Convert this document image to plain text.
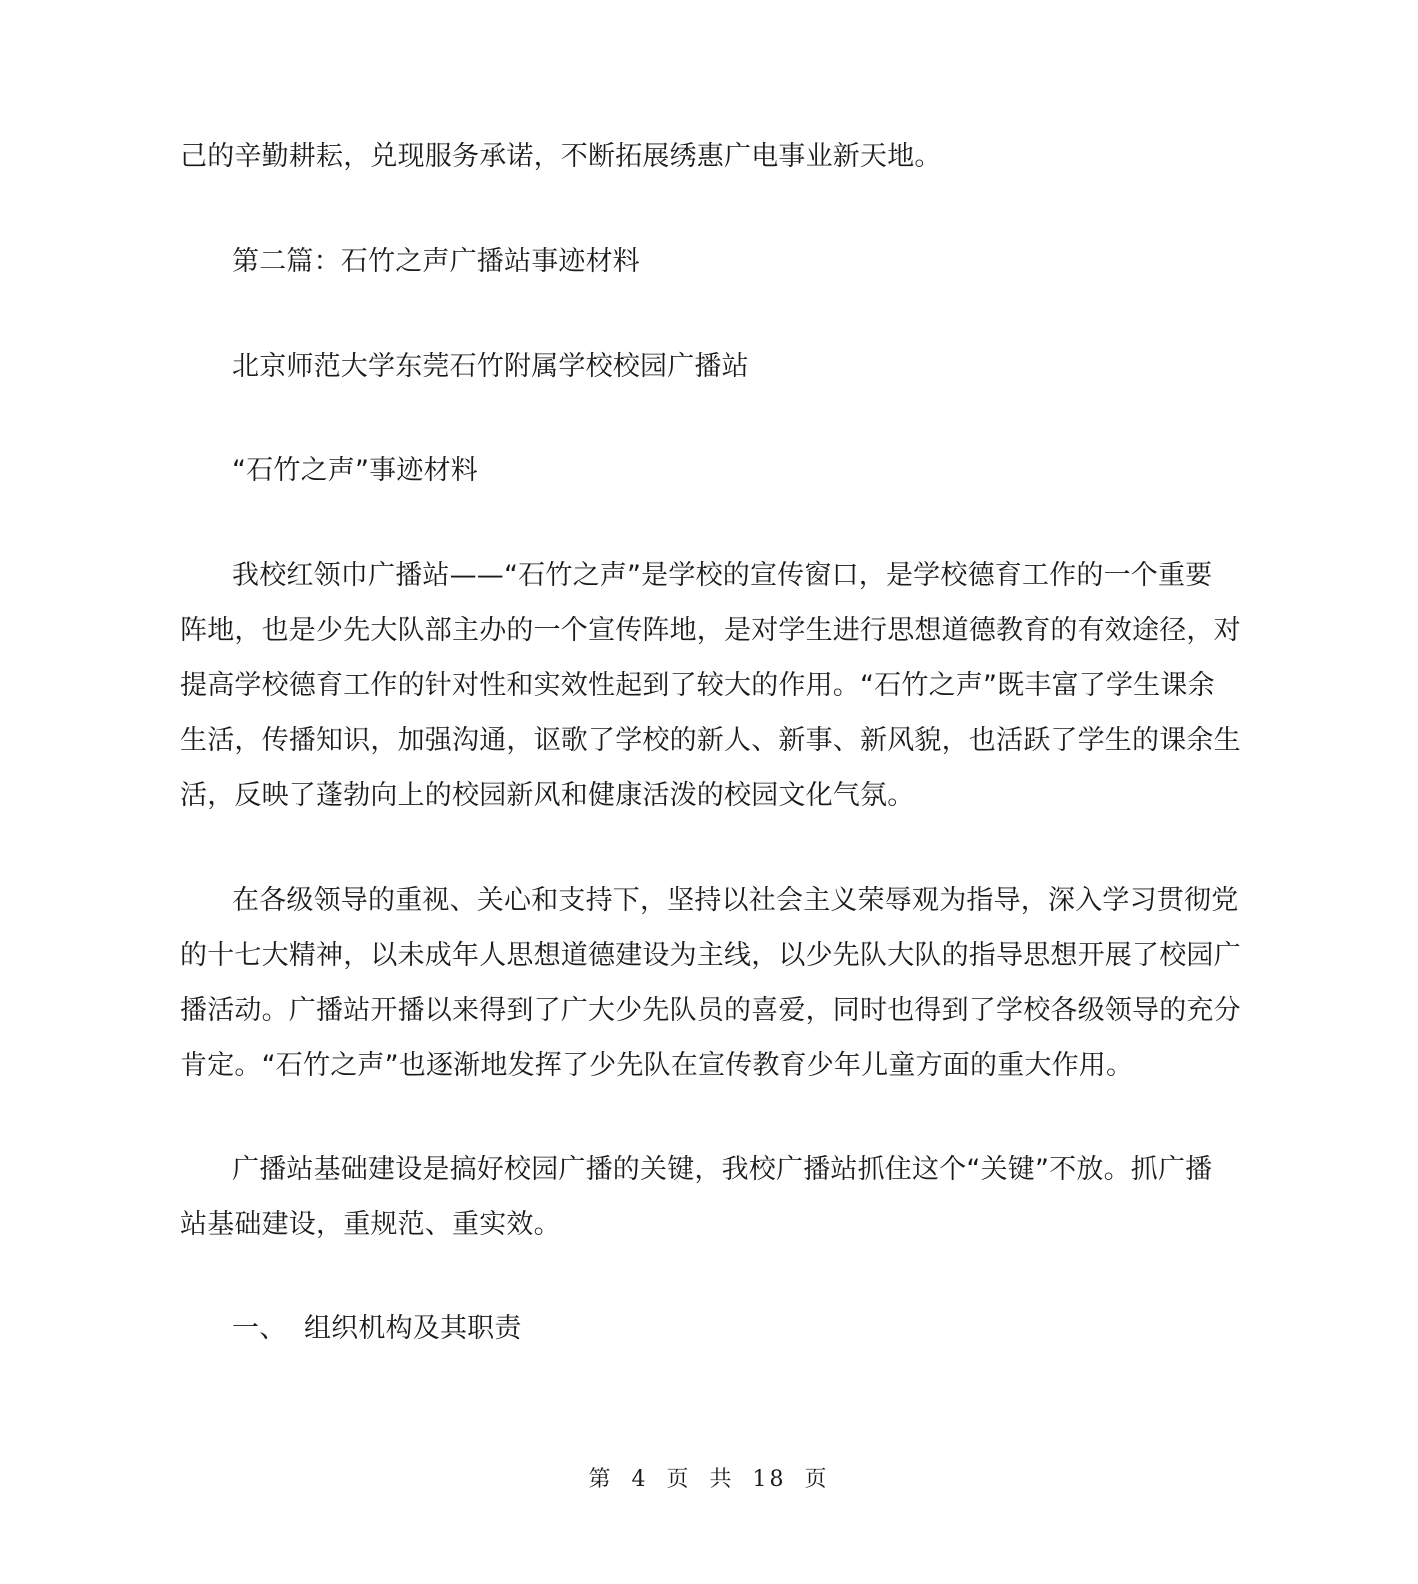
己的辛勤耕耘，兑现服务承诺，不断拓展绣惠广电事业新天地。
第二篇：石竹之声广播站事迹材料
北京师范大学东莞石竹附属学校校园广播站
“石竹之声”事迹材料
我校红领巾广播站——“石竹之声”是学校的宣传窗口，是学校德育工作的一个重要
阵地，也是少先大队部主办的一个宣传阵地，是对学生进行思想道德教育的有效途径，对
提高学校德育工作的针对性和实效性起到了较大的作用。“石竹之声”既丰富了学生课余
生活，传播知识，加强沟通，讴歌了学校的新人、新事、新风貌，也活跃了学生的课余生
活，反映了蓬勃向上的校园新风和健康活泼的校园文化气氛。
在各级领导的重视、关心和支持下，坚持以社会主义荣辱观为指导，深入学习贯彻党
的十七大精神，以未成年人思想道德建设为主线，以少先队大队的指导思想开展了校园广
播活动。广播站开播以来得到了广大少先队员的喜爱，同时也得到了学校各级领导的充分
肯定。“石竹之声”也逐渐地发挥了少先队在宣传教育少年儿童方面的重大作用。
广播站基础建设是搞好校园广播的关键，我校广播站抓住这个“关键”不放。抓广播
站基础建设，重规范、重实效。
一、  组织机构及其职责
第 4 页 共 18 页
